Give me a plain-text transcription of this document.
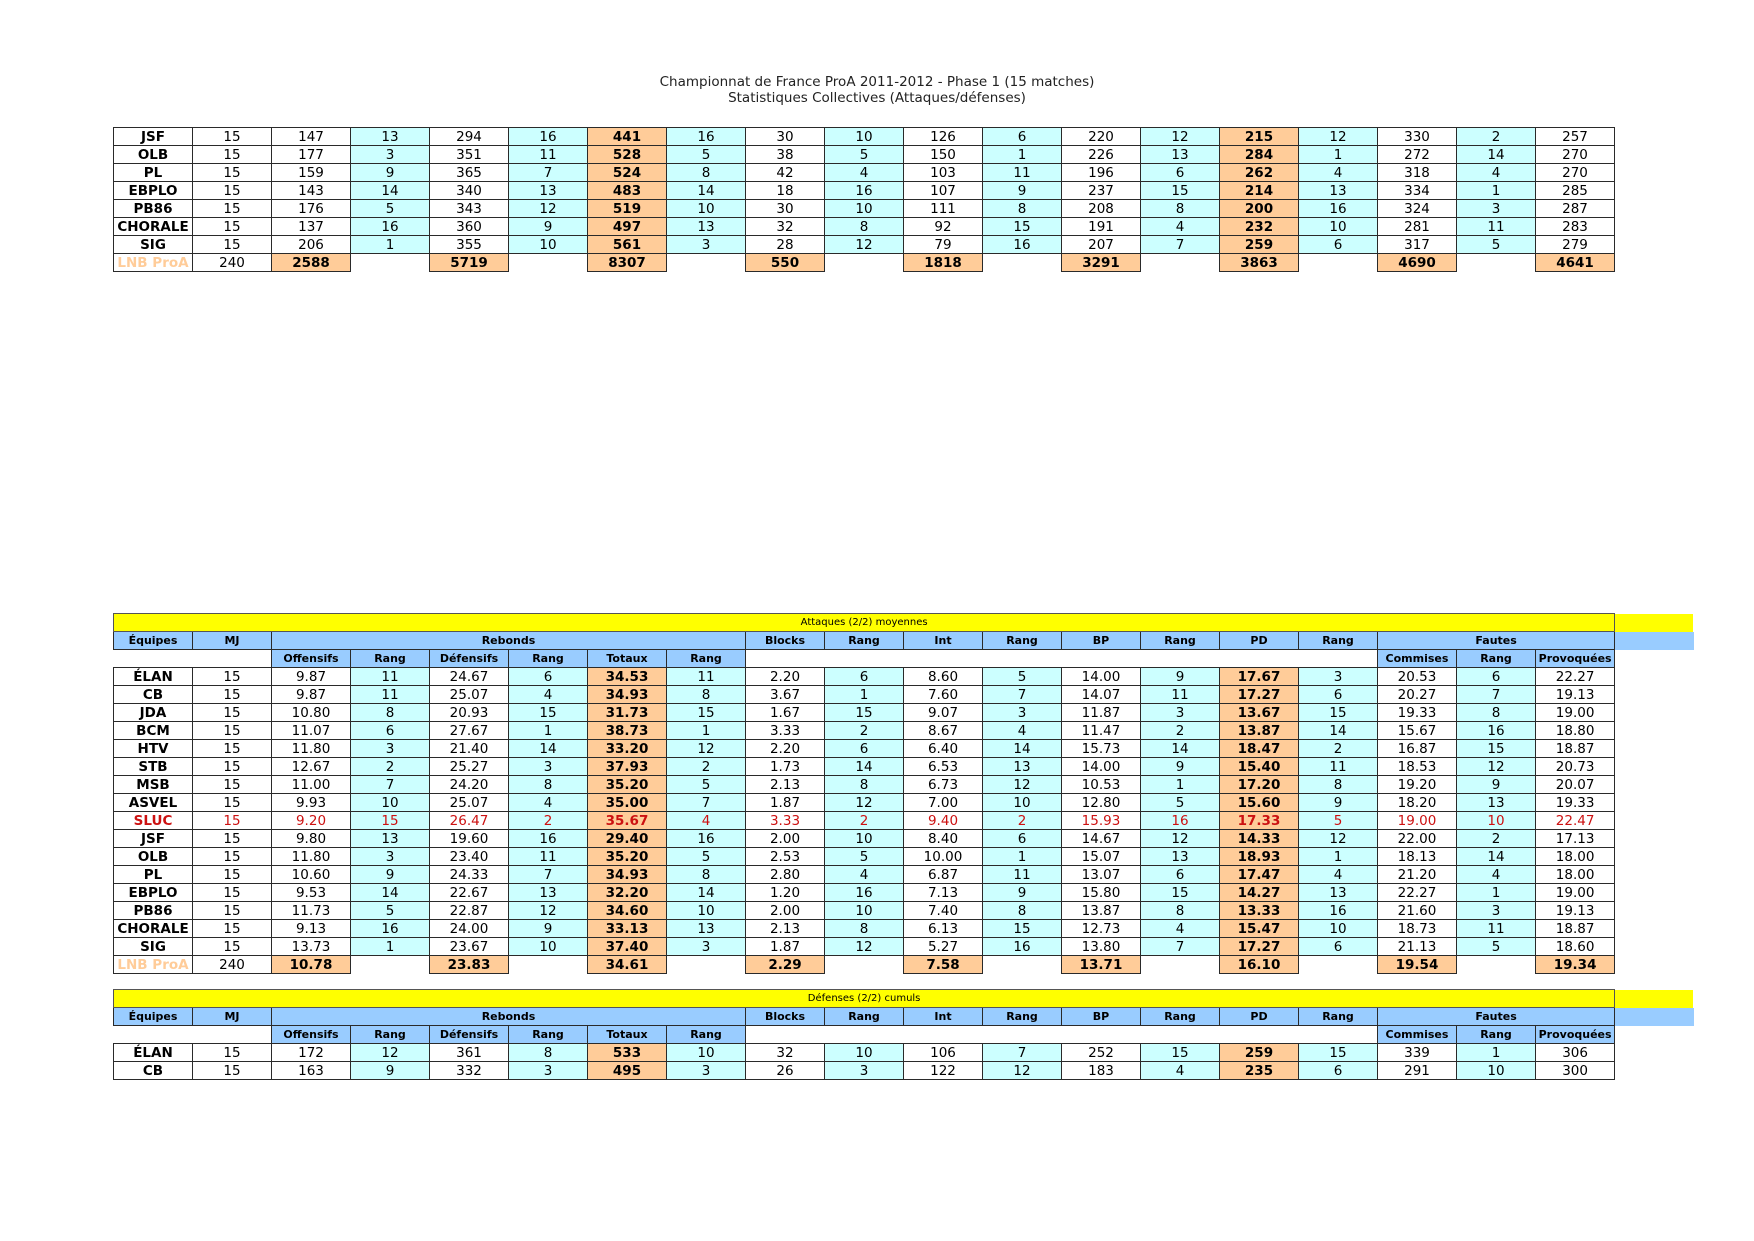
Championnat de France ProA 2011-2012 - Phase 1 (15 matches)
Statistiques Collectives (Attaques/défenses)
JSF	15	147	13	294	16	441	16	30	10	126	6	220	12	215	12	330	2	257
OLB	15	177	3	351	11	528	5	38	5	150	1	226	13	284	1	272	14	270
PL	15	159	9	365	7	524	8	42	4	103	11	196	6	262	4	318	4	270
EBPLO	15	143	14	340	13	483	14	18	16	107	9	237	15	214	13	334	1	285
PB86	15	176	5	343	12	519	10	30	10	111	8	208	8	200	16	324	3	287
CHORALE	15	137	16	360	9	497	13	32	8	92	15	191	4	232	10	281	11	283
SIG	15	206	1	355	10	561	3	28	12	79	16	207	7	259	6	317	5	279
LNB ProA	240	2588		5719		8307		550		1818		3291		3863		4690		4641
Attaques (2/2) moyennes																			
Équipes	MJ	Rebonds						Blocks	Rang	Int	Rang	BP	Rang	PD	Rang	Fautes			
		Offensifs	Rang	Défensifs	Rang	Totaux	Rang									Commises	Rang	Provoquées	
ÉLAN	15	9.87	11	24.67	6	34.53	11	2.20	6	8.60	5	14.00	9	17.67	3	20.53	6	22.27	
CB	15	9.87	11	25.07	4	34.93	8	3.67	1	7.60	7	14.07	11	17.27	6	20.27	7	19.13	
JDA	15	10.80	8	20.93	15	31.73	15	1.67	15	9.07	3	11.87	3	13.67	15	19.33	8	19.00	
BCM	15	11.07	6	27.67	1	38.73	1	3.33	2	8.67	4	11.47	2	13.87	14	15.67	16	18.80	
HTV	15	11.80	3	21.40	14	33.20	12	2.20	6	6.40	14	15.73	14	18.47	2	16.87	15	18.87	
STB	15	12.67	2	25.27	3	37.93	2	1.73	14	6.53	13	14.00	9	15.40	11	18.53	12	20.73	
MSB	15	11.00	7	24.20	8	35.20	5	2.13	8	6.73	12	10.53	1	17.20	8	19.20	9	20.07	
ASVEL	15	9.93	10	25.07	4	35.00	7	1.87	12	7.00	10	12.80	5	15.60	9	18.20	13	19.33	
SLUC	15	9.20	15	26.47	2	35.67	4	3.33	2	9.40	2	15.93	16	17.33	5	19.00	10	22.47	
JSF	15	9.80	13	19.60	16	29.40	16	2.00	10	8.40	6	14.67	12	14.33	12	22.00	2	17.13	
OLB	15	11.80	3	23.40	11	35.20	5	2.53	5	10.00	1	15.07	13	18.93	1	18.13	14	18.00	
PL	15	10.60	9	24.33	7	34.93	8	2.80	4	6.87	11	13.07	6	17.47	4	21.20	4	18.00	
EBPLO	15	9.53	14	22.67	13	32.20	14	1.20	16	7.13	9	15.80	15	14.27	13	22.27	1	19.00	
PB86	15	11.73	5	22.87	12	34.60	10	2.00	10	7.40	8	13.87	8	13.33	16	21.60	3	19.13	
CHORALE	15	9.13	16	24.00	9	33.13	13	2.13	8	6.13	15	12.73	4	15.47	10	18.73	11	18.87	
SIG	15	13.73	1	23.67	10	37.40	3	1.87	12	5.27	16	13.80	7	17.27	6	21.13	5	18.60	
LNB ProA	240	10.78		23.83		34.61		2.29		7.58		13.71		16.10		19.54		19.34	
Défenses (2/2) cumuls																			
Équipes	MJ	Rebonds						Blocks	Rang	Int	Rang	BP	Rang	PD	Rang	Fautes			
		Offensifs	Rang	Défensifs	Rang	Totaux	Rang									Commises	Rang	Provoquées	
ÉLAN	15	172	12	361	8	533	10	32	10	106	7	252	15	259	15	339	1	306	
CB	15	163	9	332	3	495	3	26	3	122	12	183	4	235	6	291	10	300	
